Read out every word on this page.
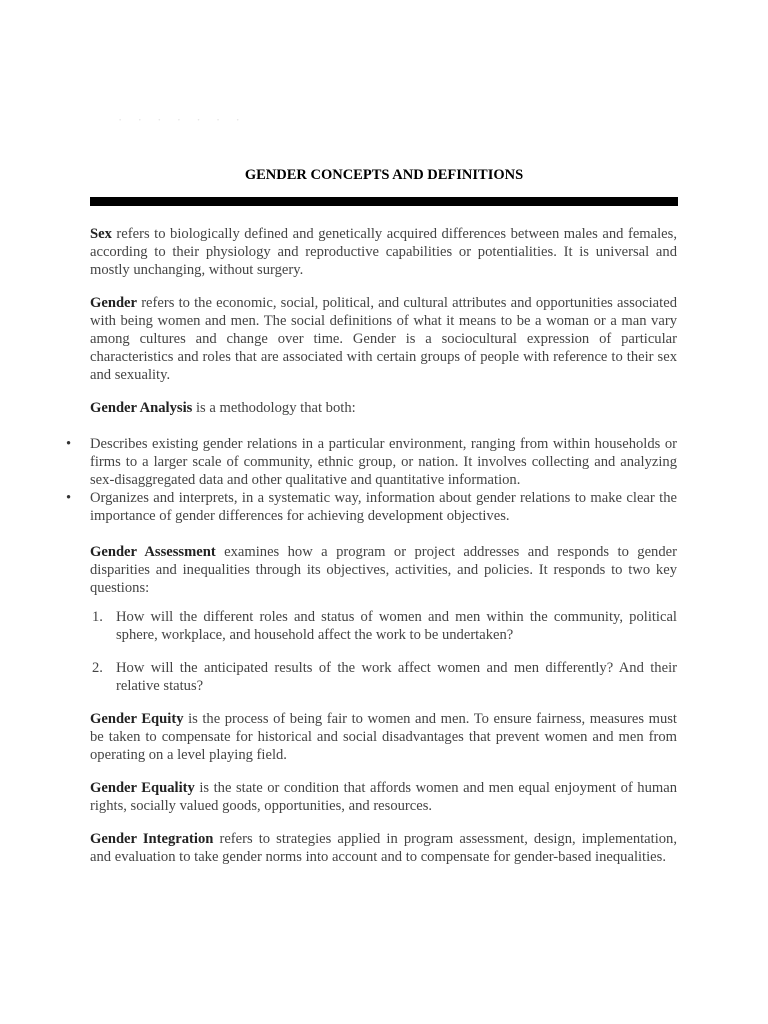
· · · · · · ·
GENDER CONCEPTS AND DEFINITIONS

Sex refers to biologically defined and genetically acquired differences between males and females, according to their physiology and reproductive capabilities or potentialities. It is universal and mostly unchanging, without surgery.

Gender refers to the economic, social, political, and cultural attributes and opportunities associated with being women and men. The social definitions of what it means to be a woman or a man vary among cultures and change over time. Gender is a sociocultural expression of particular characteristics and roles that are associated with certain groups of people with reference to their sex and sexuality.

Gender Analysis is a methodology that both:

• Describes existing gender relations in a particular environment, ranging from within households or firms to a larger scale of community, ethnic group, or nation. It involves collecting and analyzing sex-disaggregated data and other qualitative and quantitative information.
• Organizes and interprets, in a systematic way, information about gender relations to make clear the importance of gender differences for achieving development objectives.

Gender Assessment examines how a program or project addresses and responds to gender disparities and inequalities through its objectives, activities, and policies. It responds to two key questions:

1. How will the different roles and status of women and men within the community, political sphere, workplace, and household affect the work to be undertaken?
2. How will the anticipated results of the work affect women and men differently? And their relative status?

Gender Equity is the process of being fair to women and men. To ensure fairness, measures must be taken to compensate for historical and social disadvantages that prevent women and men from operating on a level playing field.

Gender Equality is the state or condition that affords women and men equal enjoyment of human rights, socially valued goods, opportunities, and resources.

Gender Integration refers to strategies applied in program assessment, design, implementation, and evaluation to take gender norms into account and to compensate for gender-based inequalities.
